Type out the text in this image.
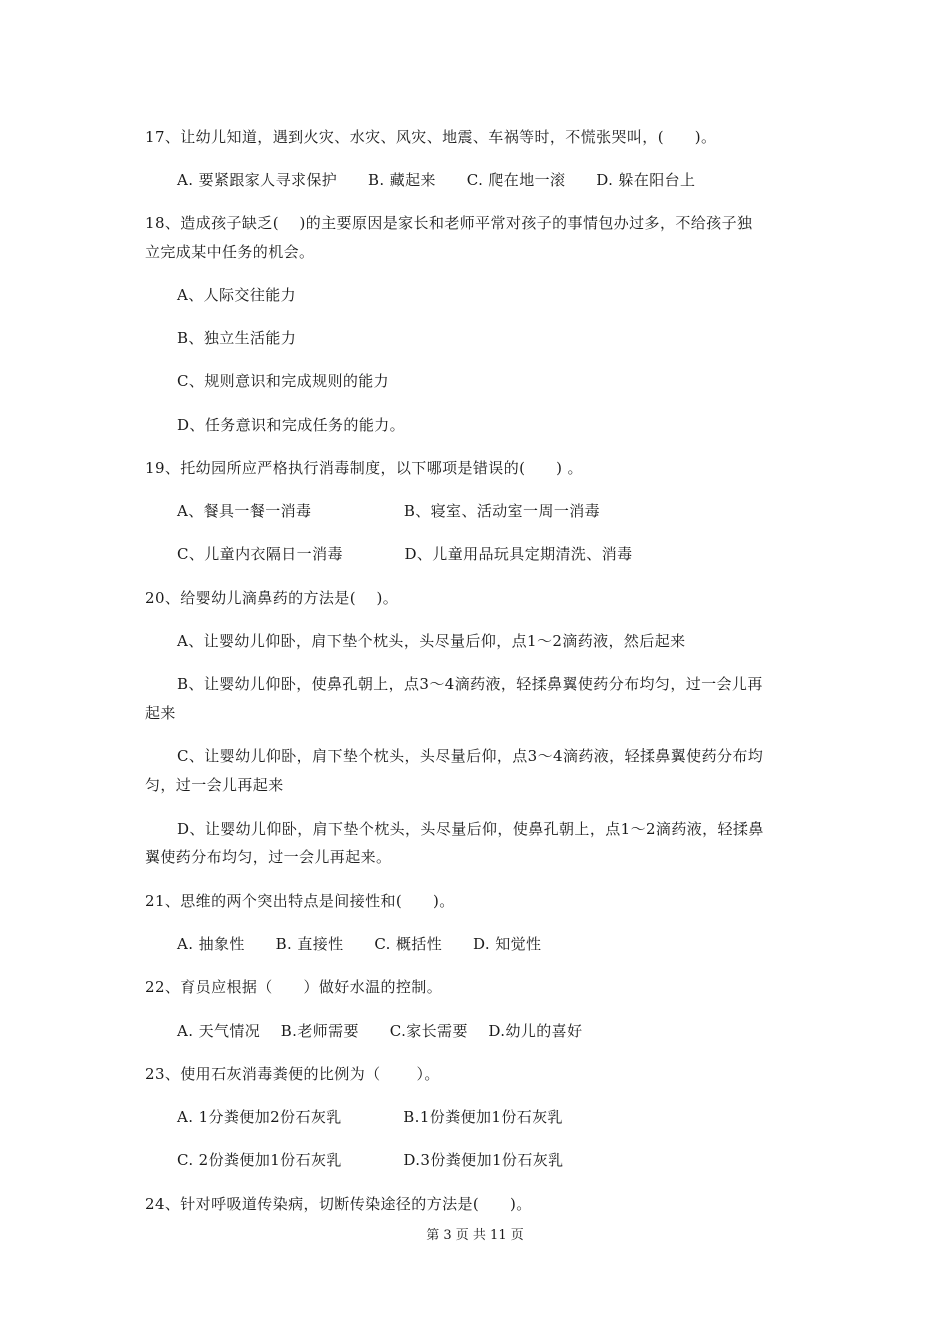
17、让幼儿知道，遇到火灾、水灾、风灾、地震、车祸等时，不慌张哭叫，(　　)。
A. 要紧跟家人寻求保护　　B. 藏起来　　C. 爬在地一滚　　D. 躲在阳台上
18、造成孩子缺乏(　 )的主要原因是家长和老师平常对孩子的事情包办过多，不给孩子独
立完成某中任务的机会。
A、人际交往能力
B、独立生活能力
C、规则意识和完成规则的能力
D、任务意识和完成任务的能力。
19、托幼园所应严格执行消毒制度，以下哪项是错误的(　　) 。
A、餐具一餐一消毒　　　　　　B、寝室、活动室一周一消毒
C、儿童内衣隔日一消毒　　　　D、儿童用品玩具定期清洗、消毒
20、给婴幼儿滴鼻药的方法是(　 )。
A、让婴幼儿仰卧，肩下垫个枕头，头尽量后仰，点1～2滴药液，然后起来
B、让婴幼儿仰卧，使鼻孔朝上，点3～4滴药液，轻揉鼻翼使药分布均匀，过一会儿再
起来
C、让婴幼儿仰卧，肩下垫个枕头，头尽量后仰，点3～4滴药液，轻揉鼻翼使药分布均
匀，过一会儿再起来
D、让婴幼儿仰卧，肩下垫个枕头，头尽量后仰，使鼻孔朝上，点1～2滴药液，轻揉鼻
翼使药分布均匀，过一会儿再起来。
21、思维的两个突出特点是间接性和(　　)。
A. 抽象性　　B. 直接性　　C. 概括性　　D. 知觉性
22、育员应根据（　　）做好水温的控制。
A. 天气情况　 B.老师需要　　C.家长需要　 D.幼儿的喜好
23、使用石灰消毒粪便的比例为（　　 ）。
A. 1分粪便加2份石灰乳　　　　B.1份粪便加1份石灰乳
C. 2份粪便加1份石灰乳　　　　D.3份粪便加1份石灰乳
24、针对呼吸道传染病，切断传染途径的方法是(　　)。
第 3 页 共 11 页
